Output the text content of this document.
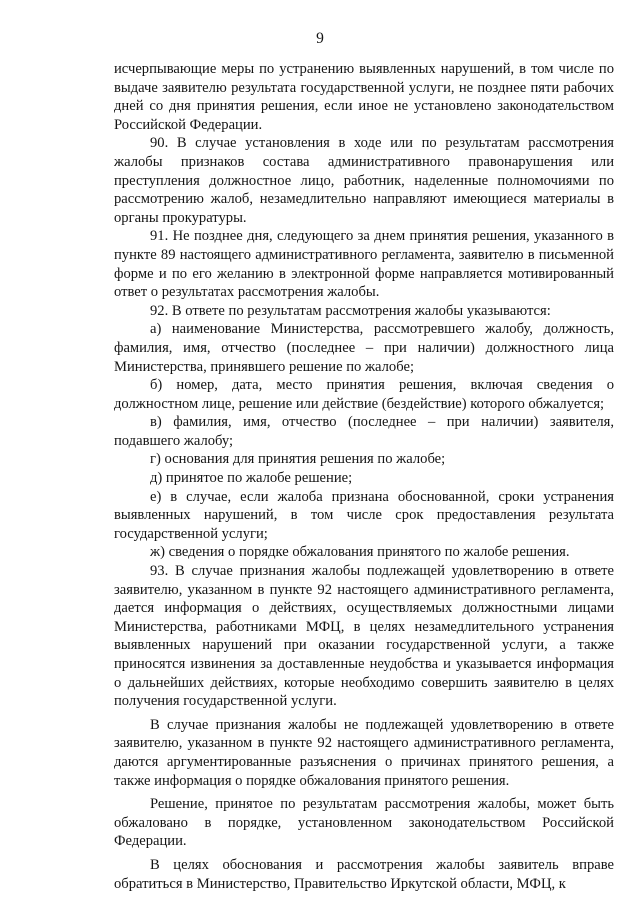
9

исчерпывающие меры по устранению выявленных нарушений, в том числе по выдаче заявителю результата государственной услуги, не позднее пяти рабочих дней со дня принятия решения, если иное не установлено законодательством Российской Федерации.

90. В случае установления в ходе или по результатам рассмотрения жалобы признаков состава административного правонарушения или преступления должностное лицо, работник, наделенные полномочиями по рассмотрению жалоб, незамедлительно направляют имеющиеся материалы в органы прокуратуры.

91. Не позднее дня, следующего за днем принятия решения, указанного в пункте 89 настоящего административного регламента, заявителю в письменной форме и по его желанию в электронной форме направляется мотивированный ответ о результатах рассмотрения жалобы.

92. В ответе по результатам рассмотрения жалобы указываются:

а) наименование Министерства, рассмотревшего жалобу, должность, фамилия, имя, отчество (последнее – при наличии) должностного лица Министерства, принявшего решение по жалобе;

б) номер, дата, место принятия решения, включая сведения о должностном лице, решение или действие (бездействие) которого обжалуется;

в) фамилия, имя, отчество (последнее – при наличии) заявителя, подавшего жалобу;

г) основания для принятия решения по жалобе;

д) принятое по жалобе решение;

е) в случае, если жалоба признана обоснованной, сроки устранения выявленных нарушений, в том числе срок предоставления результата государственной услуги;

ж) сведения о порядке обжалования принятого по жалобе решения.

93. В случае признания жалобы подлежащей удовлетворению в ответе заявителю, указанном в пункте 92 настоящего административного регламента, дается информация о действиях, осуществляемых должностными лицами Министерства, работниками МФЦ, в целях незамедлительного устранения выявленных нарушений при оказании государственной услуги, а также приносятся извинения за доставленные неудобства и указывается информация о дальнейших действиях, которые необходимо совершить заявителю в целях получения государственной услуги.

В случае признания жалобы не подлежащей удовлетворению в ответе заявителю, указанном в пункте 92 настоящего административного регламента, даются аргументированные разъяснения о причинах принятого решения, а также информация о порядке обжалования принятого решения.

Решение, принятое по результатам рассмотрения жалобы, может быть обжаловано в порядке, установленном законодательством Российской Федерации.

В целях обоснования и рассмотрения жалобы заявитель вправе обратиться в Министерство, Правительство Иркутской области, МФЦ, к
